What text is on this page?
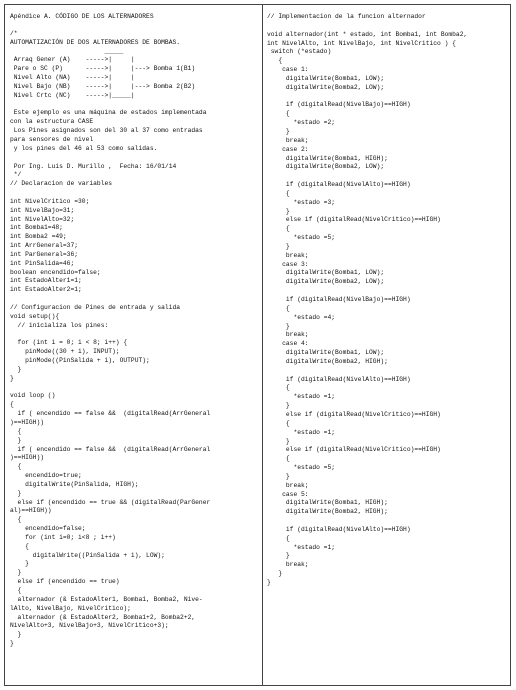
Apéndice A. CÓDIGO DE LOS ALTERNADORES
/*
AUTOMATIZACIÓN DE DOS ALTERNADORES DE BOMBAS.
_____
Arraq Gener (A)    ----->|     |
Pare o SC (P)      ----->|     |---> Bomba 1(B1)
Nivel Alto (NA)    ----->|     |
Nivel Bajo (NB)    ----->|     |---> Bomba 2(B2)
Nivel Crtc (NC)    ----->|_____|

Este ejemplo es una máquina de estados implementada
con la estructura CASE
Los Pines asignados son del 30 al 37 como entradas
para sensores de nivel
y los pines del 46 al 53 como salidas.

Por Ing. Luis D. Murillo ,  Fecha: 16/01/14
*/
// Declaracion de variables

int NivelCritico =30;
int NivelBajo=31;
int NivelAlto=32;
int Bomba1=48;
int Bomba2 =49;
int ArrGeneral=37;
int ParGeneral=36;
int PinSalida=46;
boolean encendido=false;
int EstadoAlter1=1;
int EstadoAlter2=1;

// Configuracion de Pines de entrada y salida
void setup(){
// inicializa los pines:

for (int i = 0; i < 8; i++) {
pinMode((30 + i), INPUT);
pinMode((PinSalida + i), OUTPUT);
}
}

void loop ()
{
if ( encendido == false &&  (digitalRead(ArrGeneral
)==HIGH))
{
}
if ( encendido == false &&  (digitalRead(ArrGeneral
)==HIGH))
{
encendido=true;
digitalWrite(PinSalida, HIGH);
}
else if (encendido == true && (digitalRead(ParGener
al)==HIGH))
{
encendido=false;
for (int i=0; i<8 ; i++)
{
digitalWrite((PinSalida + i), LOW);
}
}
else if (encendido == true)
{
alternador (& EstadoAlter1, Bomba1, Bomba2, Nive-
lAlto, NivelBajo, NivelCritico);
alternador (& EstadoAlter2, Bomba1+2, Bomba2+2,
NivelAlto+3, NivelBajo+3, NivelCritico+3);
}
}
// Implementacion de la funcion alternador

void alternador(int * estado, int Bomba1, int Bomba2,
int NivelAlto, int NivelBajo, int NivelCritico ) {
switch (*estado)
{
case 1:
digitalWrite(Bomba1, LOW);
digitalWrite(Bomba2, LOW);

if (digitalRead(NivelBajo)==HIGH)
{
*estado =2;
}
break;
case 2:
digitalWrite(Bomba1, HIGH);
digitalWrite(Bomba2, LOW);

if (digitalRead(NivelAlto)==HIGH)
{
*estado =3;
}
else if (digitalRead(NivelCritico)==HIGH)
{
*estado =5;
}
break;
case 3:
digitalWrite(Bomba1, LOW);
digitalWrite(Bomba2, LOW);

if (digitalRead(NivelBajo)==HIGH)
{
*estado =4;
}
break;
case 4:
digitalWrite(Bomba1, LOW);
digitalWrite(Bomba2, HIGH);

if (digitalRead(NivelAlto)==HIGH)
{
*estado =1;
}
else if (digitalRead(NivelCritico)==HIGH)
{
*estado =1;
}
else if (digitalRead(NivelCritico)==HIGH)
{
*estado =5;
}
break;
case 5:
digitalWrite(Bomba1, HIGH);
digitalWrite(Bomba2, HIGH);

if (digitalRead(NivelAlto)==HIGH)
{
*estado =1;
}
break;
}
}
